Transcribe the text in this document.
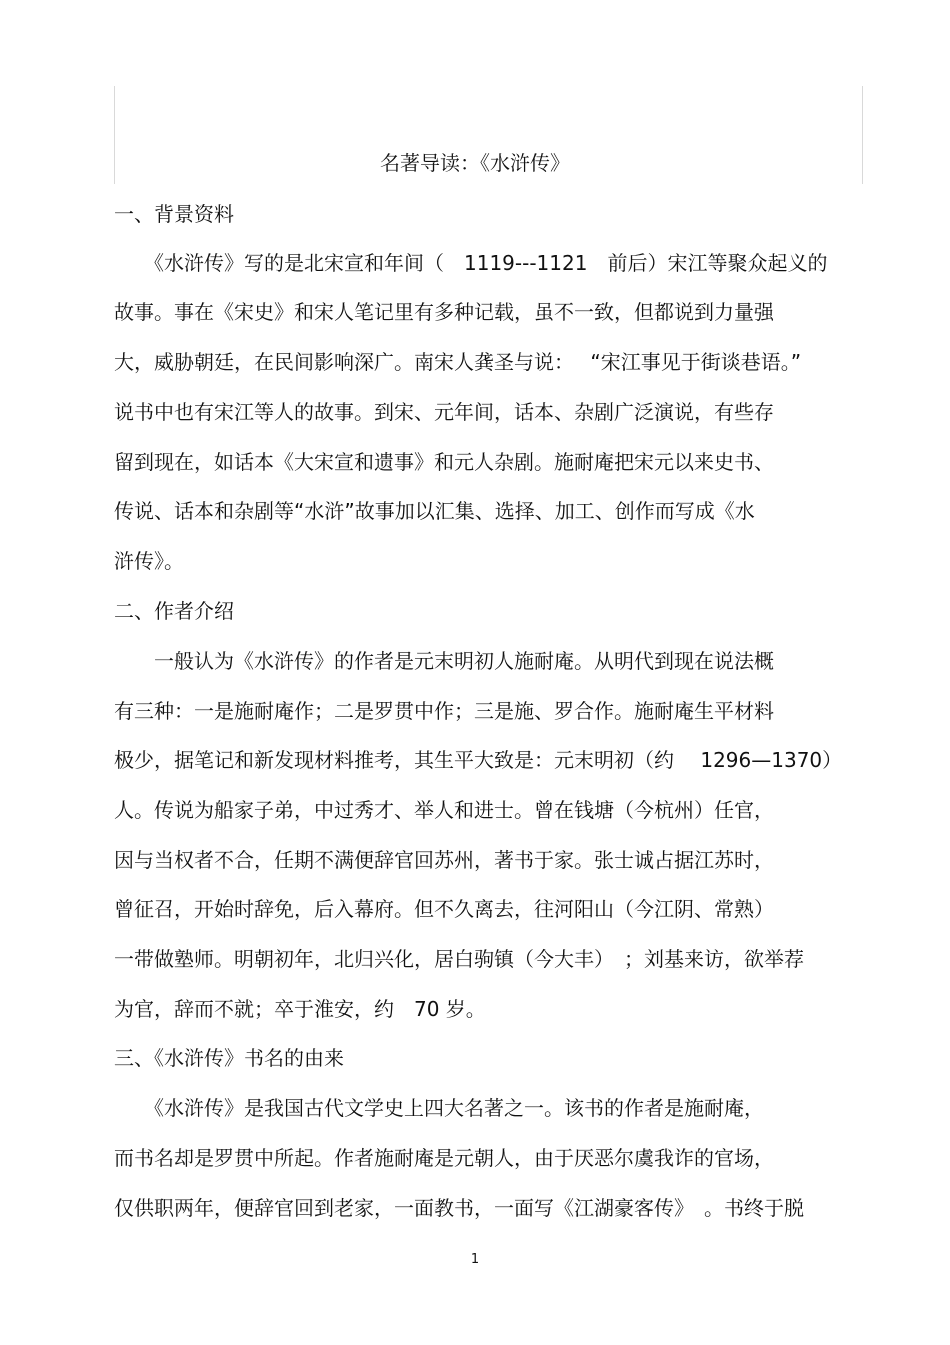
名著导读：《水浒传》
一、背景资料
　　《水浒传》写的是北宋宣和年间（　1119---1121　前后）宋江等聚众起义的
故事。事在《宋史》和宋人笔记里有多种记载，虽不一致，但都说到力量强
大，威胁朝廷，在民间影响深广。南宋人龚圣与说：　 “宋江事见于街谈巷语。”
说书中也有宋江等人的故事。到宋、元年间，话本、杂剧广泛演说，有些存
留到现在，如话本《大宋宣和遗事》和元人杂剧。施耐庵把宋元以来史书、
传说、话本和杂剧等“水浒”故事加以汇集、选择、加工、创作而写成《水
浒传》。
二、作者介绍
　　一般认为《水浒传》的作者是元末明初人施耐庵。从明代到现在说法概
有三种：一是施耐庵作；二是罗贯中作；三是施、罗合作。施耐庵生平材料
极少，据笔记和新发现材料推考，其生平大致是：元末明初（约　 1296—1370）
人。传说为船家子弟，中过秀才、举人和进士。曾在钱塘（今杭州）任官，
因与当权者不合，任期不满便辞官回苏州，著书于家。张士诚占据江苏时，
曾征召，开始时辞免，后入幕府。但不久离去，往河阳山（今江阴、常熟）
一带做塾师。明朝初年，北归兴化，居白驹镇（今大丰）　；刘基来访，欲举荐
为官，辞而不就；卒于淮安，约　70 岁。
三、《水浒传》书名的由来
　　《水浒传》是我国古代文学史上四大名著之一。该书的作者是施耐庵，
而书名却是罗贯中所起。作者施耐庵是元朝人，由于厌恶尔虞我诈的官场，
仅供职两年，便辞官回到老家，一面教书，一面写《江湖豪客传》　。书终于脱
1
